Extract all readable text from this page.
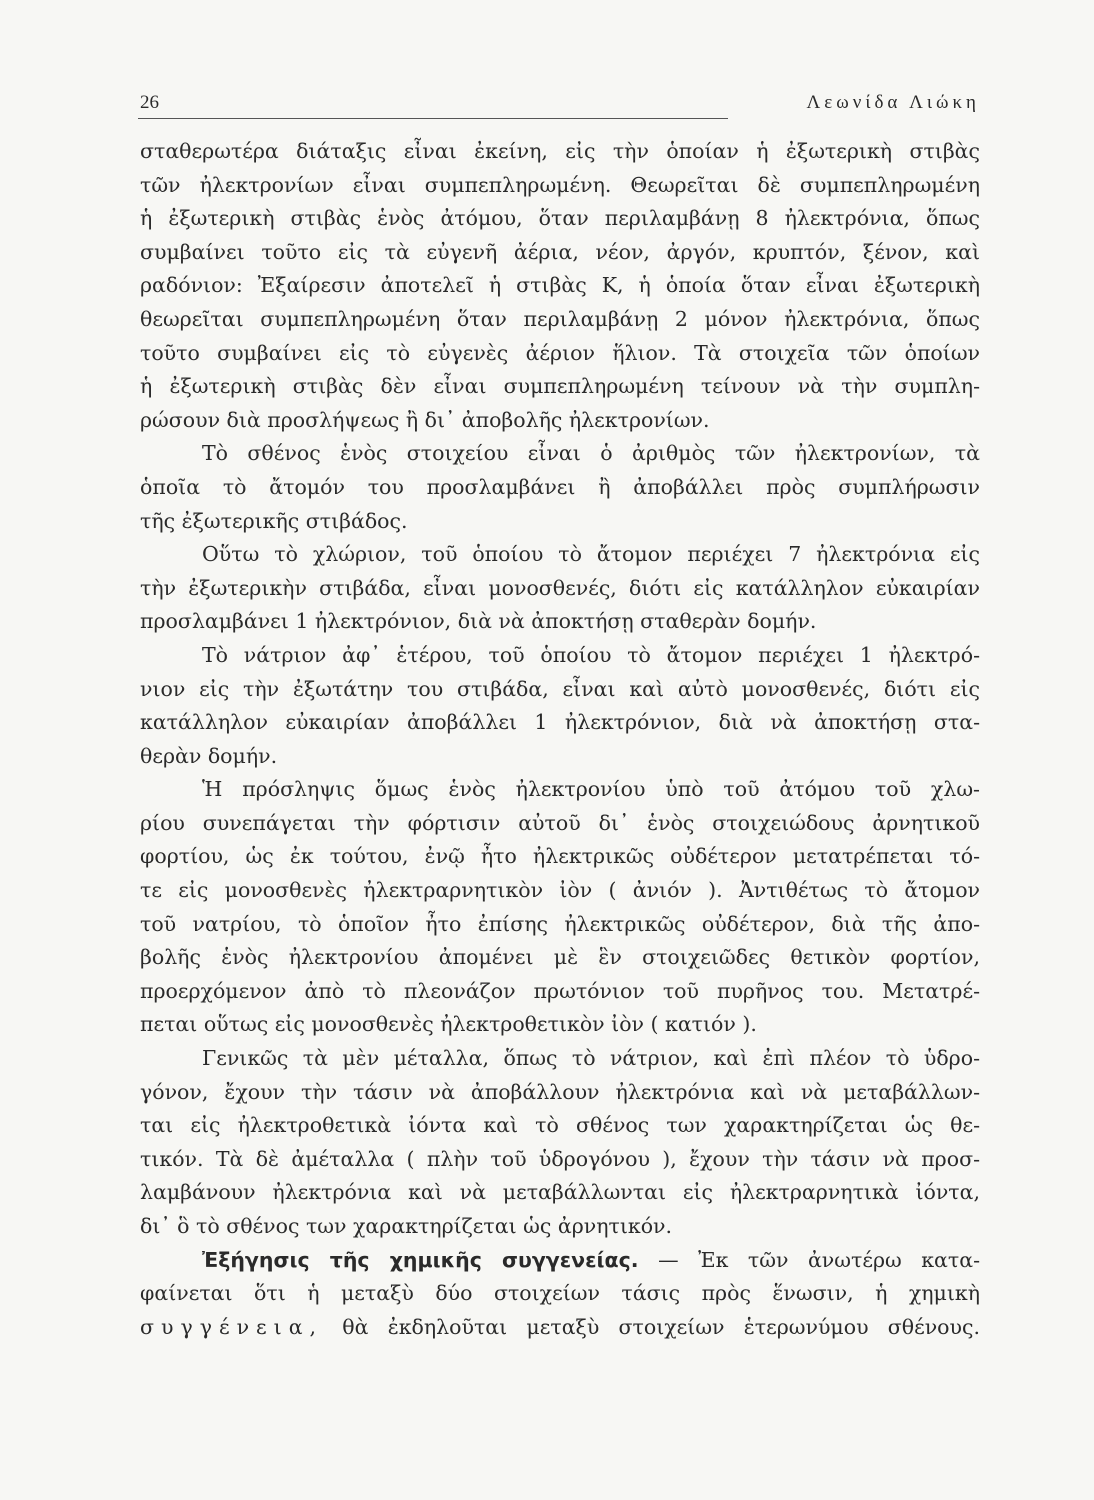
26	Λεωνίδα Λιώκη
σταθερωτέρα διάταξις εἶναι ἐκείνη, εἰς τὴν ὁποίαν ἡ ἐξωτερικὴ στιβὰς
τῶν ἠλεκτρονίων εἶναι συμπεπληρωμένη. Θεωρεῖται δὲ συμπεπληρωμένη
ἡ ἐξωτερικὴ στιβὰς ἑνὸς ἀτόμου, ὅταν περιλαμβάνῃ 8 ἠλεκτρόνια, ὅπως
συμβαίνει τοῦτο εἰς τὰ εὐγενῆ ἀέρια, νέον, ἀργόν, κρυπτόν, ξένον, καὶ
ραδόνιον: Ἐξαίρεσιν ἀποτελεῖ ἡ στιβὰς Κ, ἡ ὁποία ὅταν εἶναι ἐξωτερικὴ
θεωρεῖται συμπεπληρωμένη ὅταν περιλαμβάνῃ 2 μόνον ἠλεκτρόνια, ὅπως
τοῦτο συμβαίνει εἰς τὸ εὐγενὲς ἀέριον ἥλιον. Τὰ στοιχεῖα τῶν ὁποίων
ἡ ἐξωτερικὴ στιβὰς δὲν εἶναι συμπεπληρωμένη τείνουν νὰ τὴν συμπλη-
ρώσουν διὰ προσλήψεως ἢ δι᾽ ἀποβολῆς ἠλεκτρονίων.
Τὸ σθένος ἑνὸς στοιχείου εἶναι ὁ ἀριθμὸς τῶν ἠλεκτρονίων, τὰ
ὁποῖα τὸ ἄτομόν του προσλαμβάνει ἢ ἀποβάλλει πρὸς συμπλήρωσιν
τῆς ἐξωτερικῆς στιβάδος.
Οὕτω τὸ χλώριον, τοῦ ὁποίου τὸ ἄτομον περιέχει 7 ἠλεκτρόνια εἰς
τὴν ἐξωτερικὴν στιβάδα, εἶναι μονοσθενές, διότι εἰς κατάλληλον εὐκαιρίαν
προσλαμβάνει 1 ἠλεκτρόνιον, διὰ νὰ ἀποκτήσῃ σταθερὰν δομήν.
Τὸ νάτριον ἀφ᾽ ἑτέρου, τοῦ ὁποίου τὸ ἄτομον περιέχει 1 ἠλεκτρό-
νιον εἰς τὴν ἐξωτάτην του στιβάδα, εἶναι καὶ αὐτὸ μονοσθενές, διότι εἰς
κατάλληλον εὐκαιρίαν ἀποβάλλει 1 ἠλεκτρόνιον, διὰ νὰ ἀποκτήσῃ στα-
θερὰν δομήν.
Ἡ πρόσληψις ὅμως ἑνὸς ἠλεκτρονίου ὑπὸ τοῦ ἀτόμου τοῦ χλω-
ρίου συνεπάγεται τὴν φόρτισιν αὐτοῦ δι᾽ ἑνὸς στοιχειώδους ἀρνητικοῦ
φορτίου, ὡς ἐκ τούτου, ἐνῷ ἦτο ἠλεκτρικῶς οὐδέτερον μετατρέπεται τό-
τε εἰς μονοσθενὲς ἠλεκτραρνητικὸν ἰὸν ( ἀνιόν ). Ἀντιθέτως τὸ ἄτομον
τοῦ νατρίου, τὸ ὁποῖον ἦτο ἐπίσης ἠλεκτρικῶς οὐδέτερον, διὰ τῆς ἀπο-
βολῆς ἑνὸς ἠλεκτρονίου ἀπομένει μὲ ἓν στοιχειῶδες θετικὸν φορτίον,
προερχόμενον ἀπὸ τὸ πλεονάζον πρωτόνιον τοῦ πυρῆνος του. Μετατρέ-
πεται οὕτως εἰς μονοσθενὲς ἠλεκτροθετικὸν ἰὸν ( κατιόν ).
Γενικῶς τὰ μὲν μέταλλα, ὅπως τὸ νάτριον, καὶ ἐπὶ πλέον τὸ ὑδρο-
γόνον, ἔχουν τὴν τάσιν νὰ ἀποβάλλουν ἠλεκτρόνια καὶ νὰ μεταβάλλων-
ται εἰς ἠλεκτροθετικὰ ἰόντα καὶ τὸ σθένος των χαρακτηρίζεται ὡς θε-
τικόν. Τὰ δὲ ἀμέταλλα ( πλὴν τοῦ ὑδρογόνου ), ἔχουν τὴν τάσιν νὰ προσ-
λαμβάνουν ἠλεκτρόνια καὶ νὰ μεταβάλλωνται εἰς ἠλεκτραρνητικὰ ἰόντα,
δι᾽ ὃ τὸ σθένος των χαρακτηρίζεται ὡς ἀρνητικόν.
Ἐξήγησις τῆς χημικῆς συγγενείας. — Ἐκ τῶν ἀνωτέρω κατα-
φαίνεται ὅτι ἡ μεταξὺ δύο στοιχείων τάσις πρὸς ἕνωσιν, ἡ χημικὴ
συγγένεια, θὰ ἐκδηλοῦται μεταξὺ στοιχείων ἑτερωνύμου σθένους.
